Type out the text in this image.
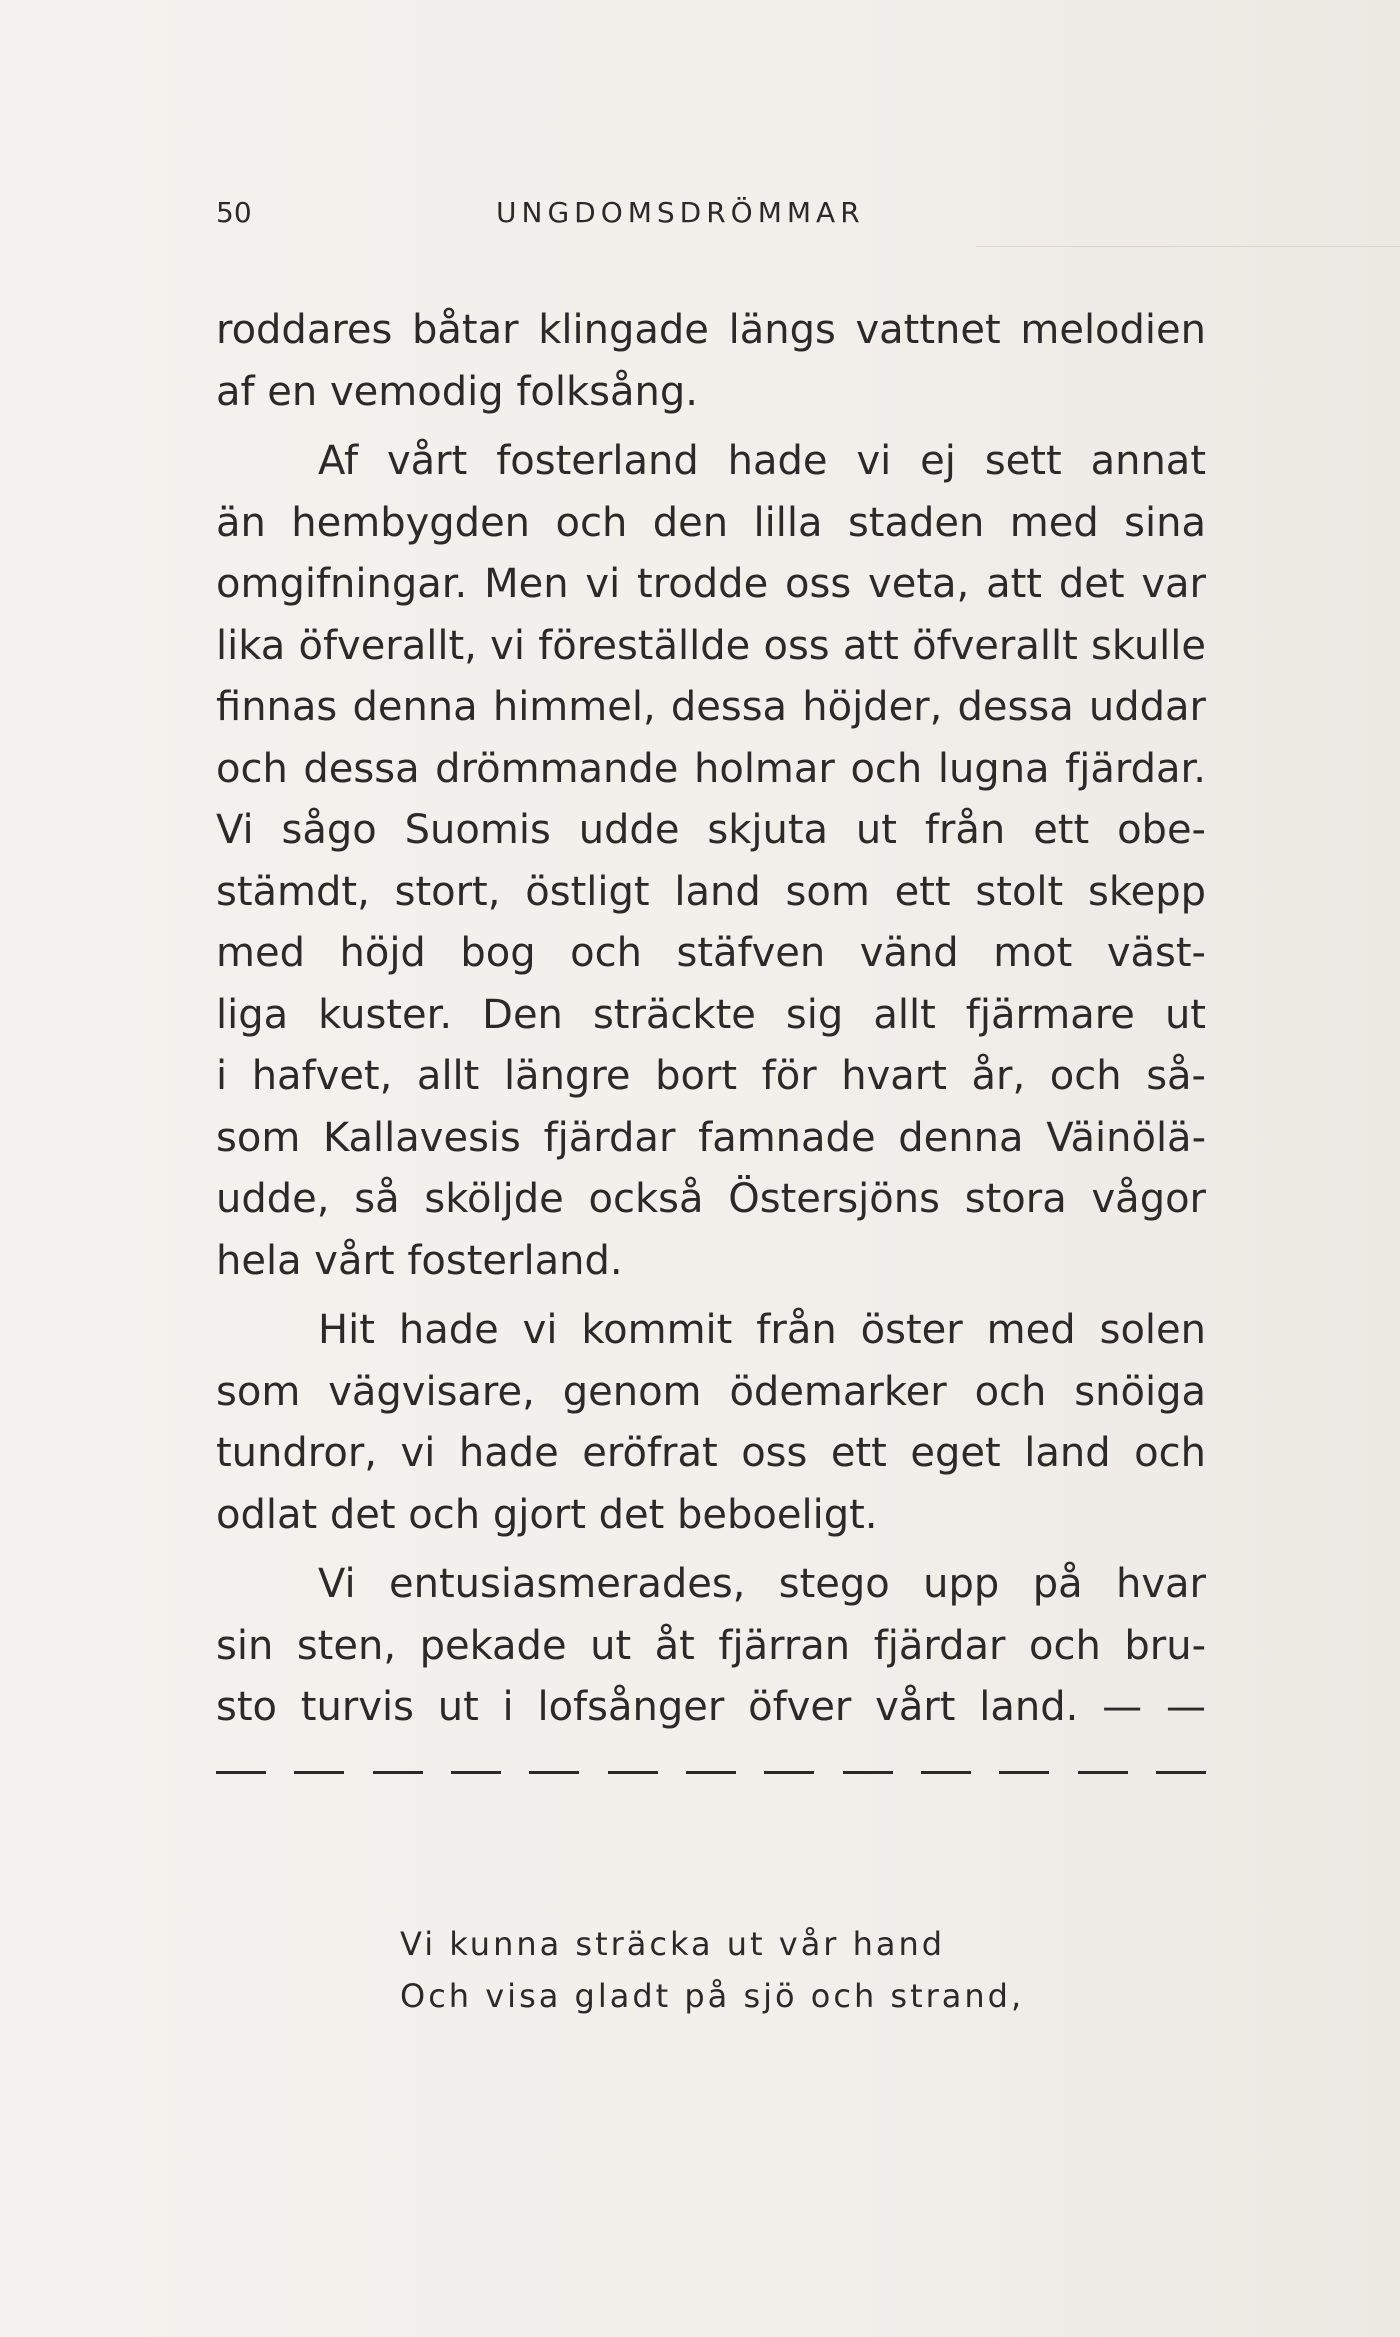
50	UNGDOMSDRÖMMAR
roddares båtar klingade längs vattnet melodien
af en vemodig folksång.
Af vårt fosterland hade vi ej sett annat
än hembygden och den lilla staden med sina
omgifningar. Men vi trodde oss veta, att det var
lika öfverallt, vi föreställde oss att öfverallt skulle
finnas denna himmel, dessa höjder, dessa uddar
och dessa drömmande holmar och lugna fjärdar.
Vi sågo Suomis udde skjuta ut från ett obe-
stämdt, stort, östligt land som ett stolt skepp
med höjd bog och stäfven vänd mot väst-
liga kuster. Den sträckte sig allt fjärmare ut
i hafvet, allt längre bort för hvart år, och så-
som Kallavesis fjärdar famnade denna Väinölä-
udde, så sköljde också Östersjöns stora vågor
hela vårt fosterland.
Hit hade vi kommit från öster med solen
som vägvisare, genom ödemarker och snöiga
tundror, vi hade eröfrat oss ett eget land och
odlat det och gjort det beboeligt.
Vi entusiasmerades, stego upp på hvar
sin sten, pekade ut åt fjärran fjärdar och bru-
sto turvis ut i lofsånger öfver vårt land. — —
Vi kunna sträcka ut vår hand
Och visa gladt på sjö och strand,
